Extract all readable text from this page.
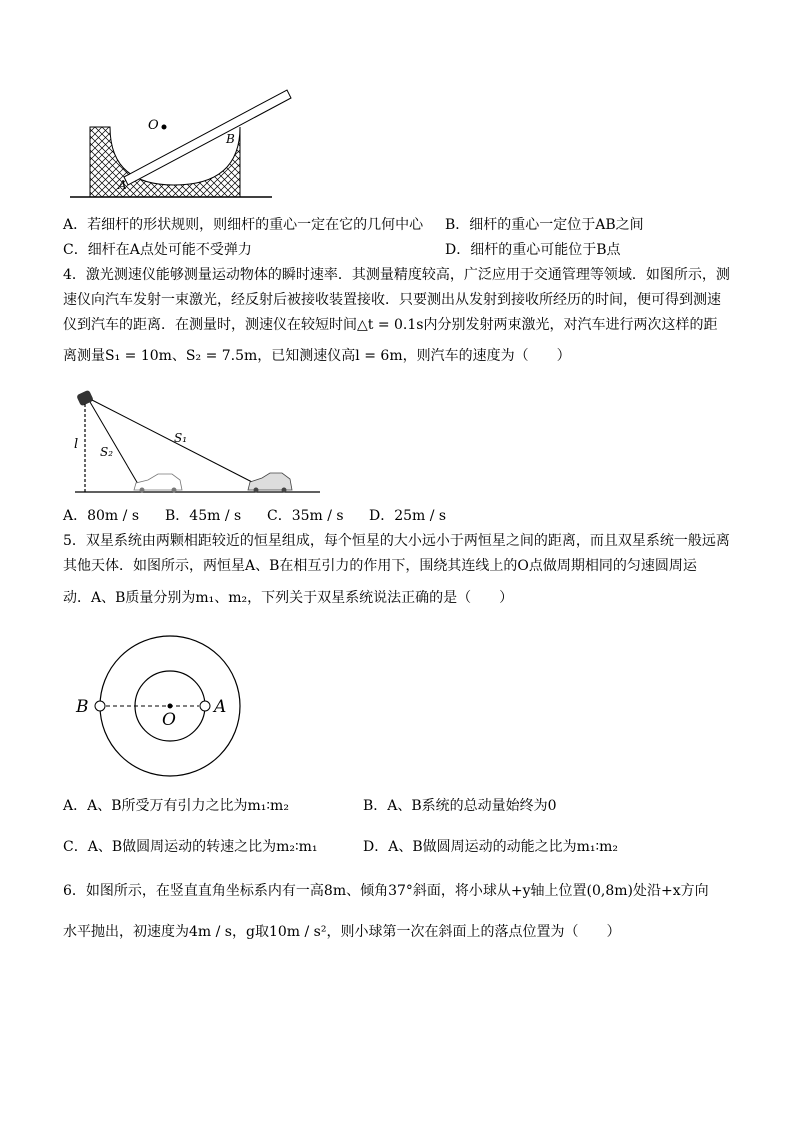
O
A
B
A．若细杆的形状规则，则细杆的重心一定在它的几何中心 B．细杆的重心一定位于AB之间
C．细杆在A点处可能不受弹力	D．细杆的重心可能位于B点
4．激光测速仪能够测量运动物体的瞬时速率．其测量精度较高，广泛应用于交通管理等领域．如图所示，测
速仪向汽车发射一束激光，经反射后被接收装置接收．只要测出从发射到接收所经历的时间，便可得到测速
仪到汽车的距离．在测量时，测速仪在较短时间△t = 0.1s内分别发射两束激光，对汽车进行两次这样的距
离测量S₁ = 10m、S₂ = 7.5m，已知测速仪高l = 6m，则汽车的速度为（　　）
l S₂
S₁
A．80m / s B．45m / s C．35m / s D．25m / s
5．双星系统由两颗相距较近的恒星组成，每个恒星的大小远小于两恒星之间的距离，而且双星系统一般远离
其他天体．如图所示，两恒星A、B在相互引力的作用下，围绕其连线上的O点做周期相同的匀速圆周运
动．A、B质量分别为m₁、m₂，下列关于双星系统说法正确的是（　　）
B
O
A
A．A、B所受万有引力之比为m₁∶m₂	B．A、B系统的总动量始终为0
C．A、B做圆周运动的转速之比为m₂∶m₁	D．A、B做圆周运动的动能之比为m₁∶m₂
6．如图所示，在竖直直角坐标系内有一高8m、倾角37°斜面，将小球从+y轴上位置(0,8m)处沿+x方向
水平抛出，初速度为4m / s，g取10m / s²，则小球第一次在斜面上的落点位置为（　　）
